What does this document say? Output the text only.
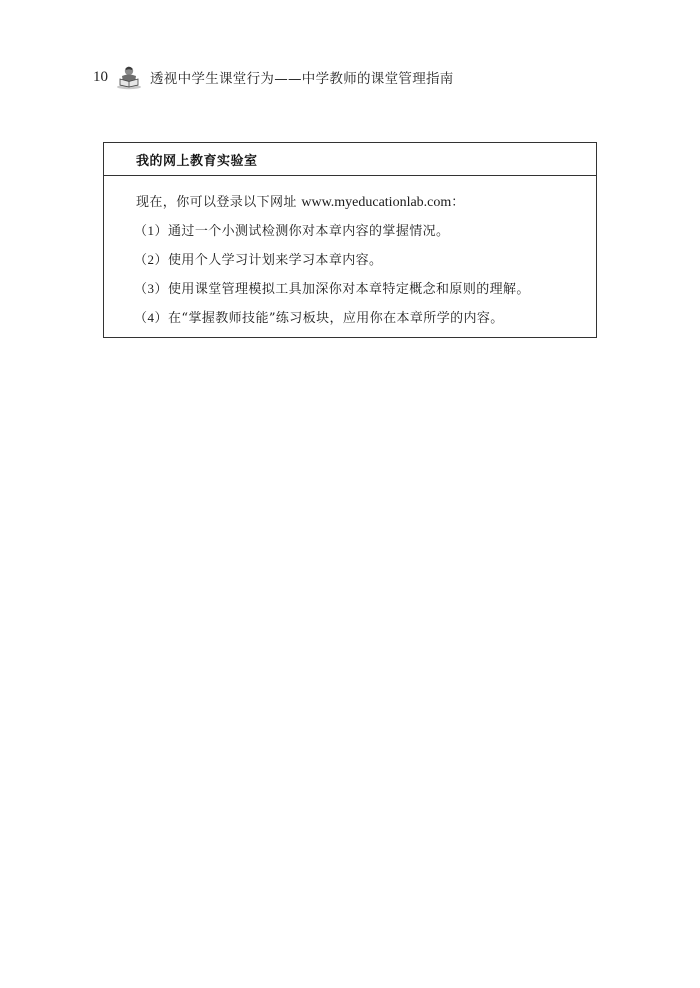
10	透视中学生课堂行为——中学教师的课堂管理指南
我的网上教育实验室
现在，你可以登录以下网址 www.myeducationlab.com：
（1）通过一个小测试检测你对本章内容的掌握情况。
（2）使用个人学习计划来学习本章内容。
（3）使用课堂管理模拟工具加深你对本章特定概念和原则的理解。
（4）在“掌握教师技能”练习板块，应用你在本章所学的内容。
